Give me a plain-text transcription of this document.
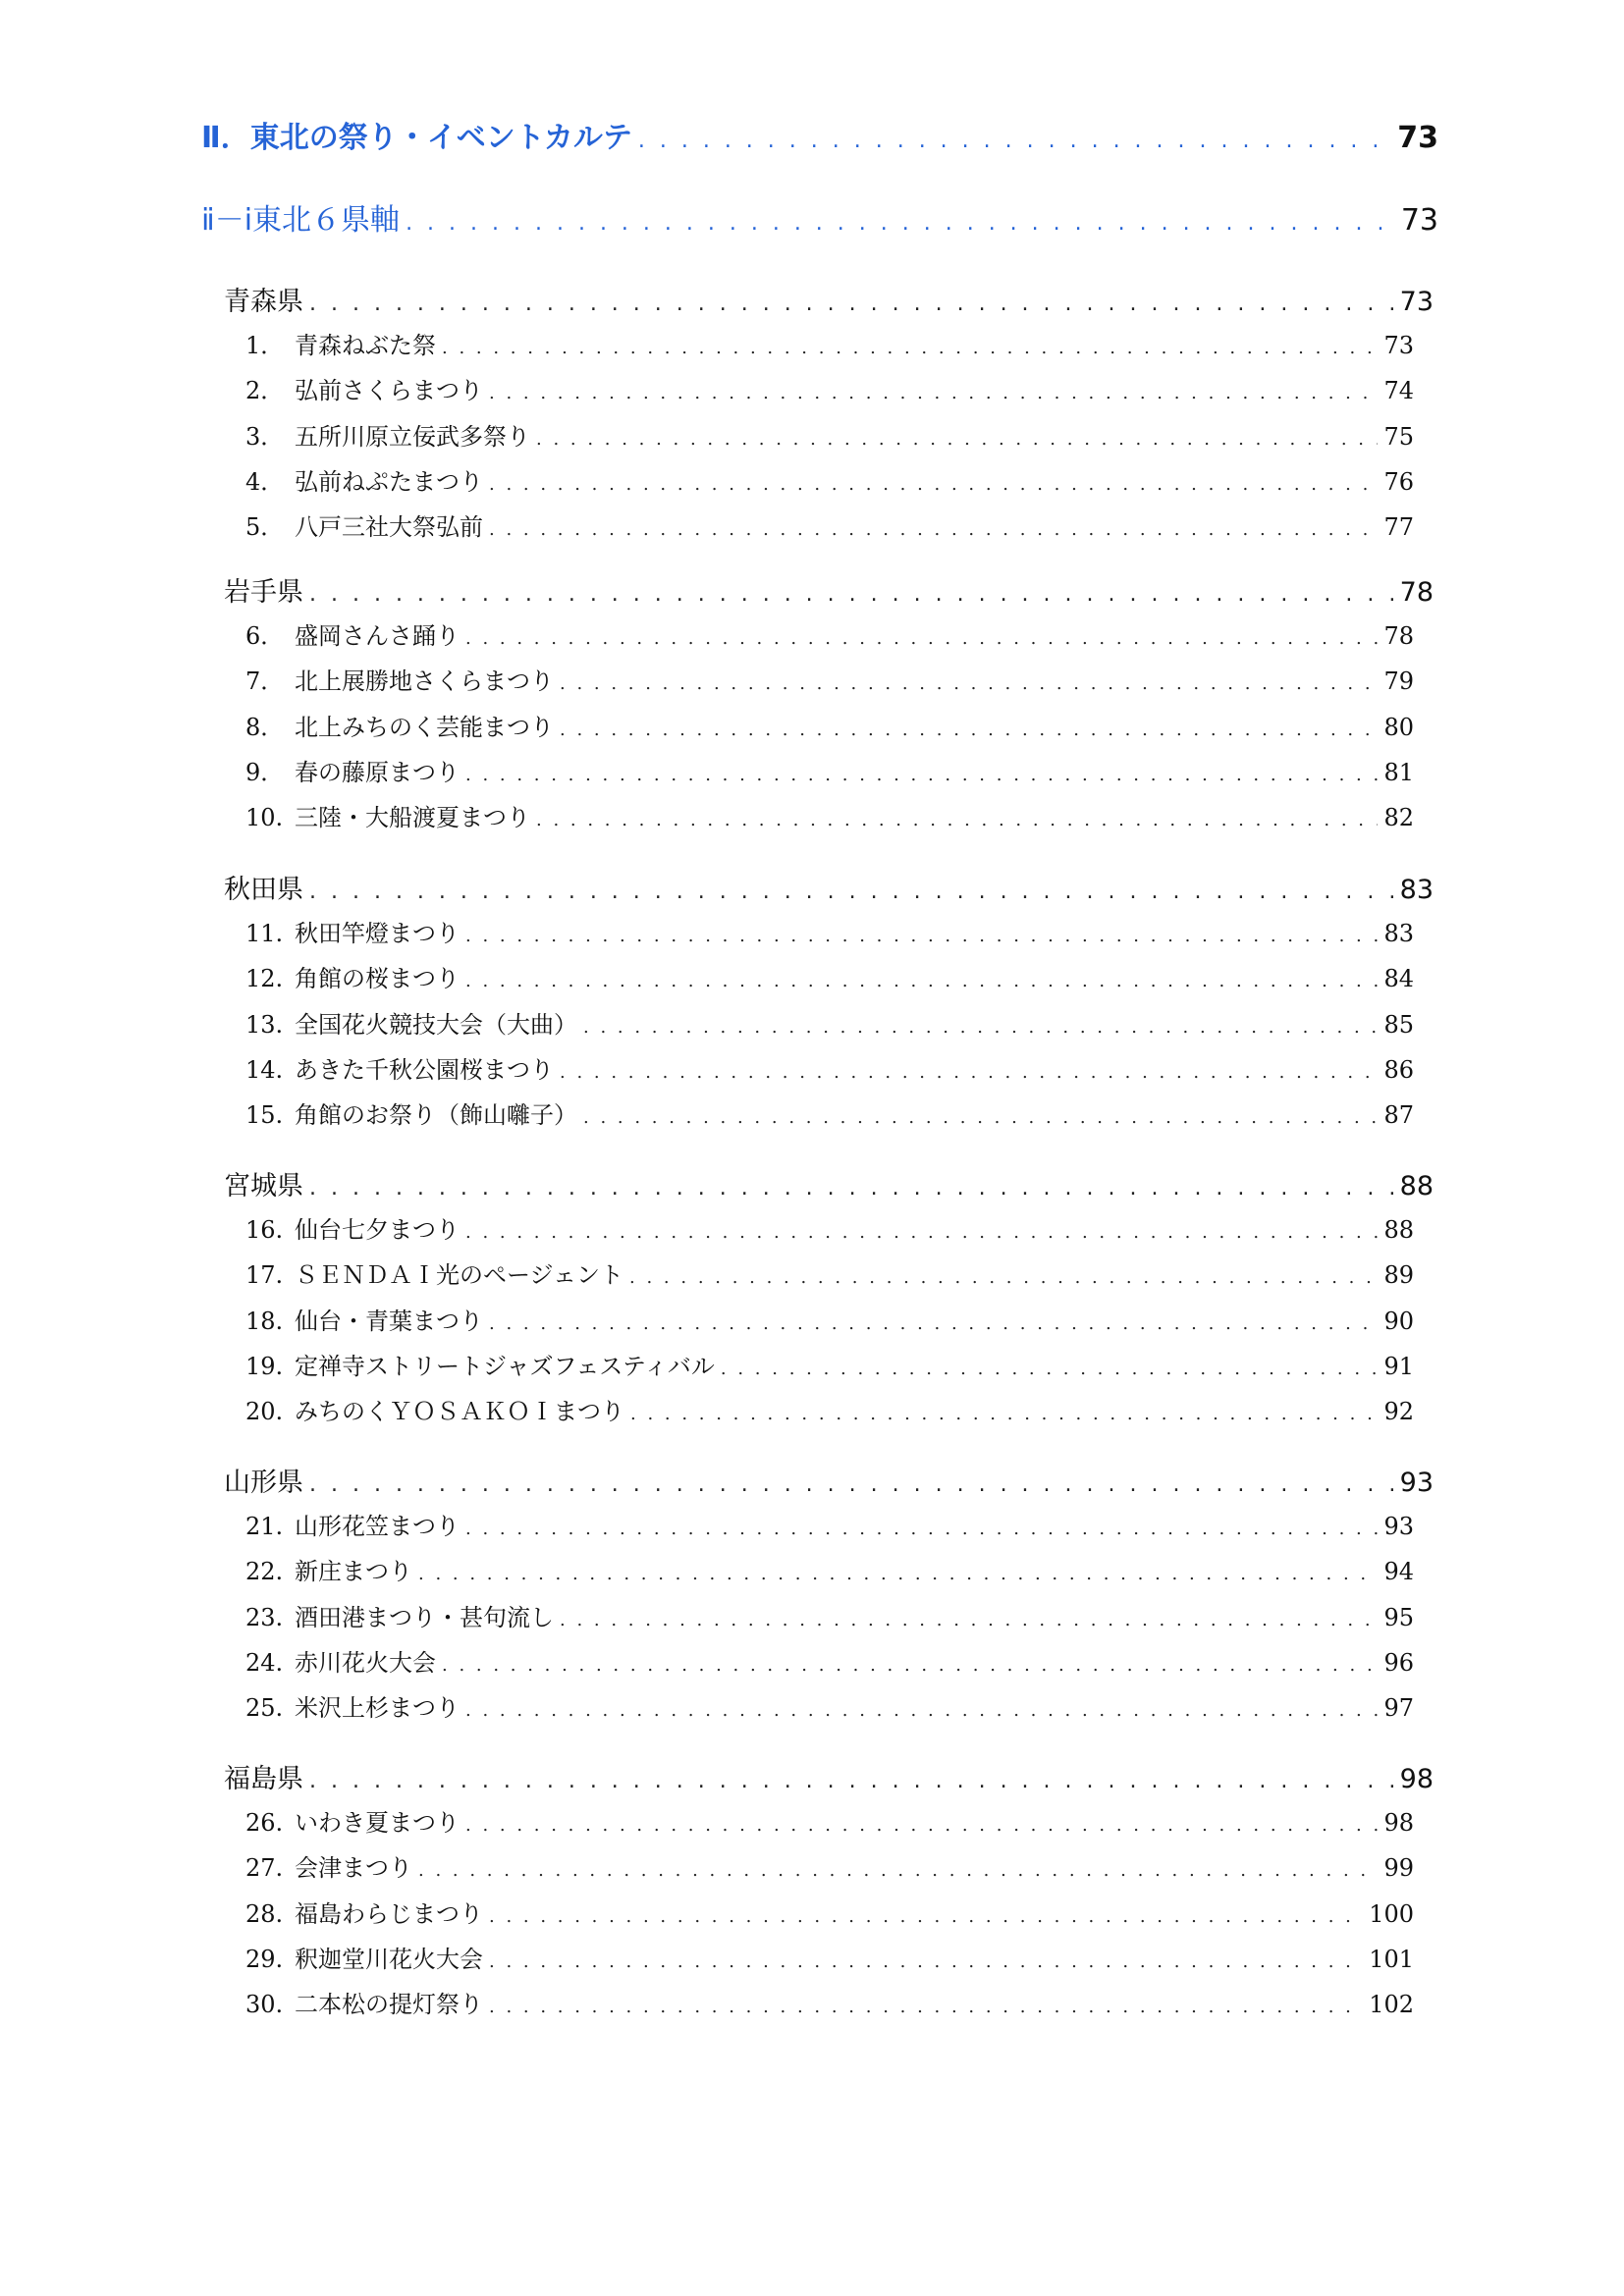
Ⅱ．東北の祭り・イベントカルテ . . .	73
ⅱ－ⅰ東北６県軸 . . .	73
青森県 . . .	73
1． 青森ねぶた祭 . . .	73
2． 弘前さくらまつり . . .	74
3． 五所川原立佞武多祭り . . .	75
4． 弘前ねぷたまつり . . .	76
5． 八戸三社大祭弘前 . . .	77
岩手県 . . .	78
6． 盛岡さんさ踊り . . .	78
7． 北上展勝地さくらまつり . . .	79
8． 北上みちのく芸能まつり . . .	80
9． 春の藤原まつり . . .	81
10. 三陸・大船渡夏まつり . . .	82
秋田県 . . .	83
11. 秋田竿燈まつり . . .	83
12. 角館の桜まつり . . .	84
13. 全国花火競技大会（大曲） . . .	85
14. あきた千秋公園桜まつり . . .	86
15. 角館のお祭り（飾山囃子） . . .	87
宮城県 . . .	88
16. 仙台七夕まつり . . .	88
17. ＳＥＮＤＡＩ光のページェント . . .	89
18. 仙台・青葉まつり . . .	90
19. 定禅寺ストリートジャズフェスティバル . . .	91
20. みちのくＹＯＳＡＫＯＩまつり . . .	92
山形県 . . .	93
21. 山形花笠まつり . . .	93
22. 新庄まつり . . .	94
23. 酒田港まつり・甚句流し . . .	95
24. 赤川花火大会 . . .	96
25. 米沢上杉まつり . . .	97
福島県 . . .	98
26. いわき夏まつり . . .	98
27. 会津まつり . . .	99
28. 福島わらじまつり . . .	100
29. 釈迦堂川花火大会 . . .	101
30. 二本松の提灯祭り . . .	102
